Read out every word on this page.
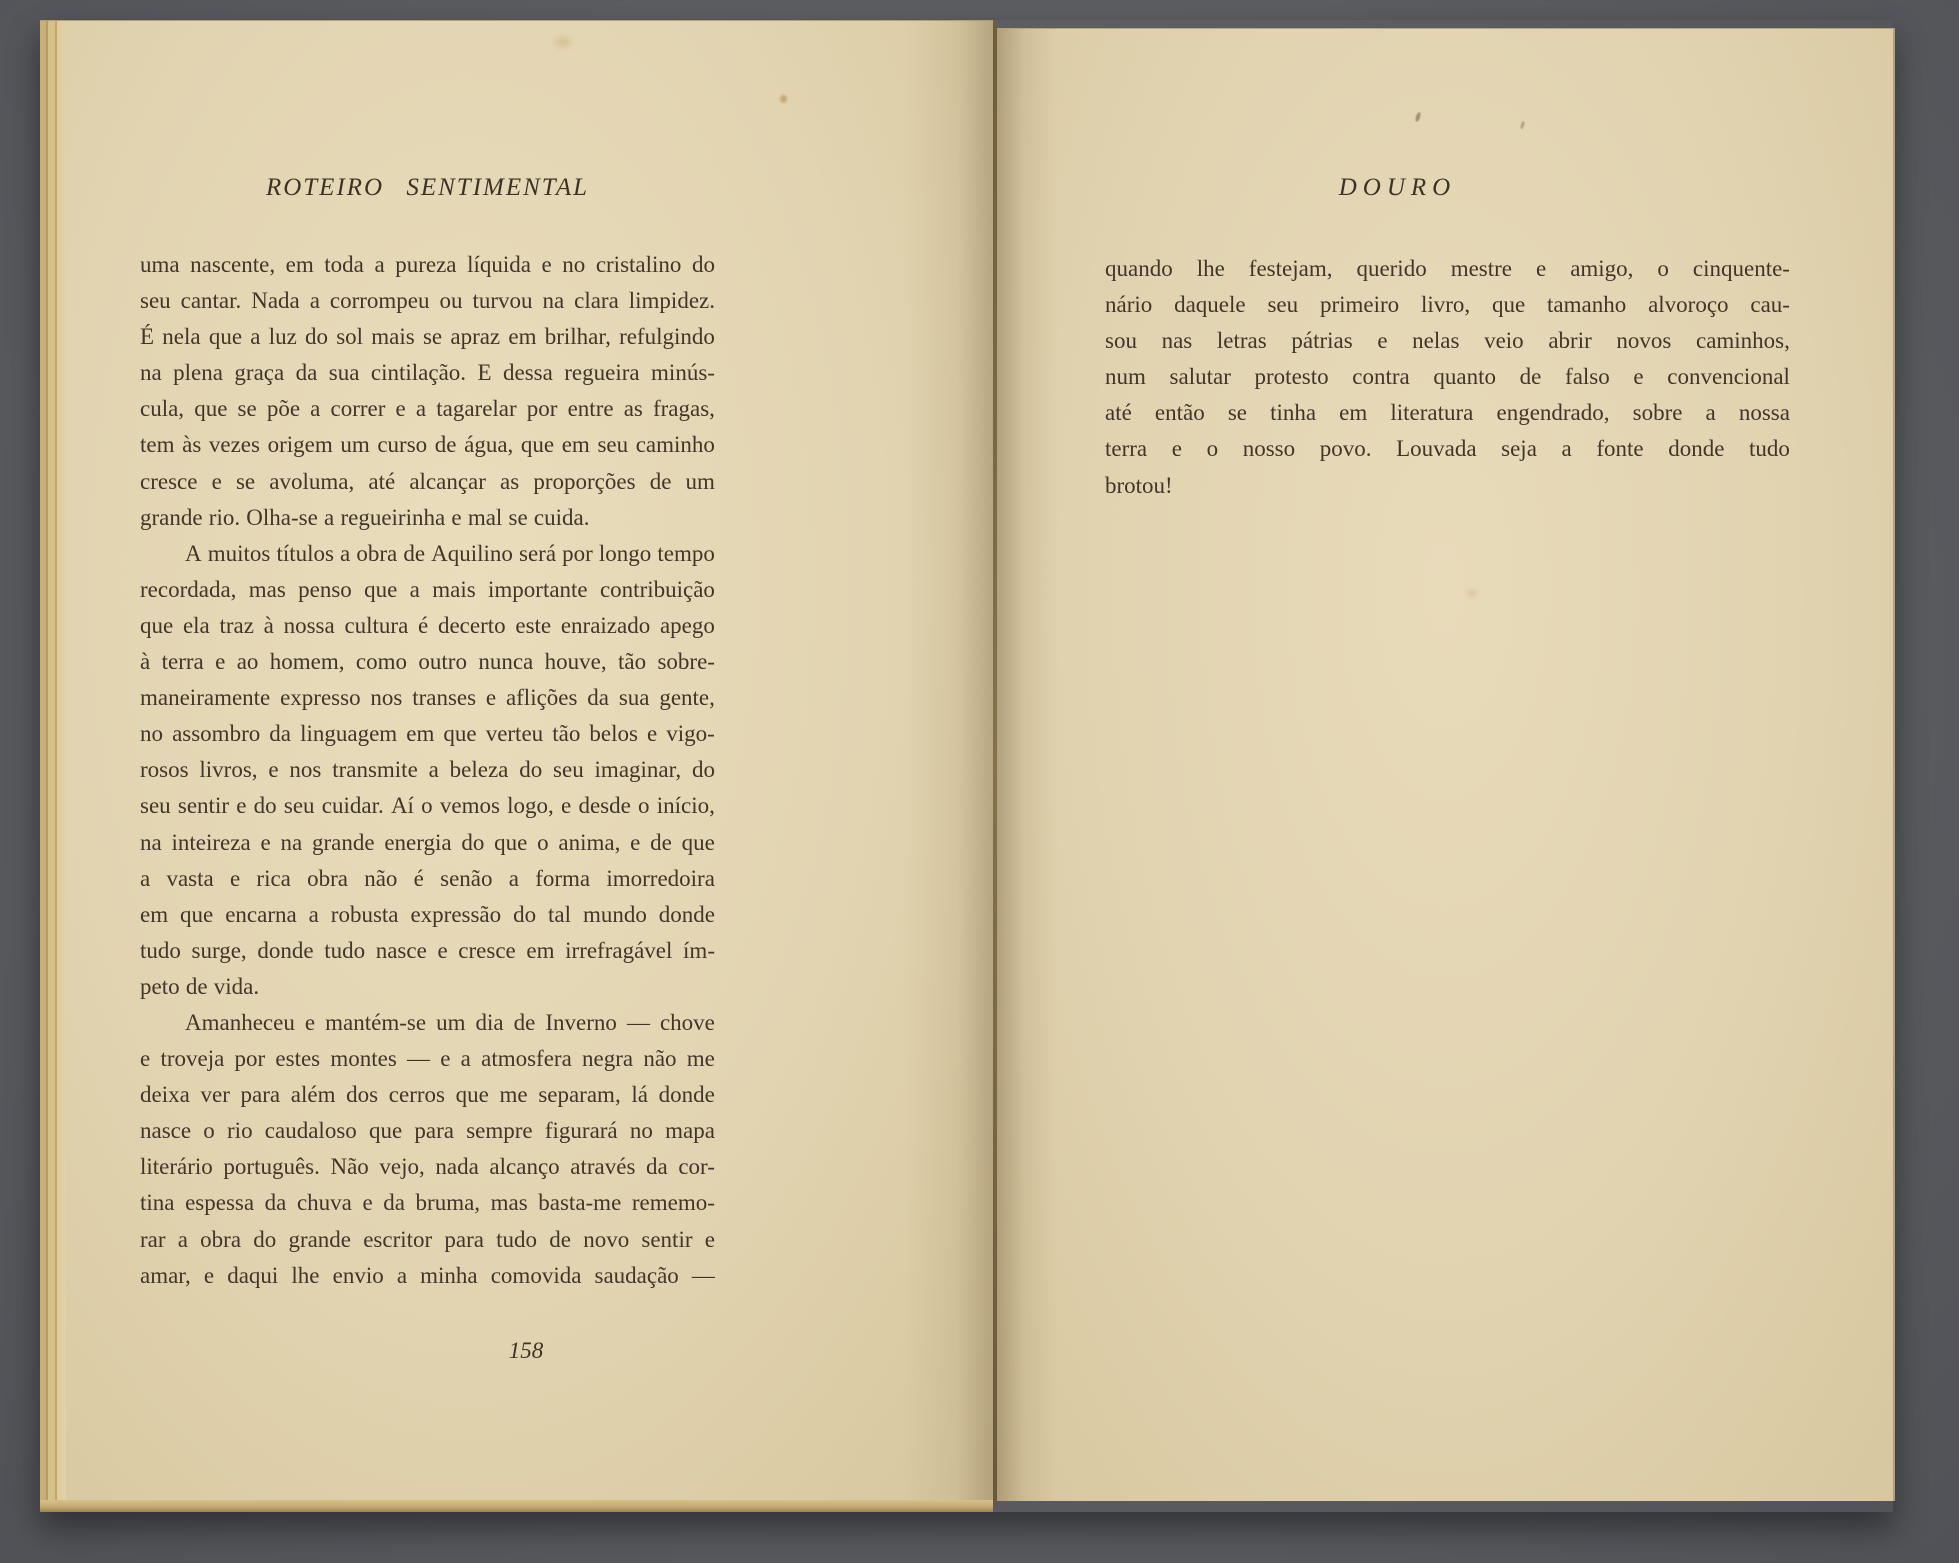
ROTEIRO SENTIMENTAL
uma nascente, em toda a pureza líquida e no cristalino do
seu cantar. Nada a corrompeu ou turvou na clara limpidez.
É nela que a luz do sol mais se apraz em brilhar, refulgindo
na plena graça da sua cintilação. E dessa regueira minús-
cula, que se põe a correr e a tagarelar por entre as fragas,
tem às vezes origem um curso de água, que em seu caminho
cresce e se avoluma, até alcançar as proporções de um
grande rio. Olha-se a regueirinha e mal se cuida.
A muitos títulos a obra de Aquilino será por longo tempo
recordada, mas penso que a mais importante contribuição
que ela traz à nossa cultura é decerto este enraizado apego
à terra e ao homem, como outro nunca houve, tão sobre-
maneiramente expresso nos transes e aflições da sua gente,
no assombro da linguagem em que verteu tão belos e vigo-
rosos livros, e nos transmite a beleza do seu imaginar, do
seu sentir e do seu cuidar. Aí o vemos logo, e desde o início,
na inteireza e na grande energia do que o anima, e de que
a vasta e rica obra não é senão a forma imorredoira
em que encarna a robusta expressão do tal mundo donde
tudo surge, donde tudo nasce e cresce em irrefragável ím-
peto de vida.
Amanheceu e mantém-se um dia de Inverno — chove
e troveja por estes montes — e a atmosfera negra não me
deixa ver para além dos cerros que me separam, lá donde
nasce o rio caudaloso que para sempre figurará no mapa
literário português. Não vejo, nada alcanço através da cor-
tina espessa da chuva e da bruma, mas basta-me rememo-
rar a obra do grande escritor para tudo de novo sentir e
amar, e daqui lhe envio a minha comovida saudação —
158
DOURO
quando lhe festejam, querido mestre e amigo, o cinquente-
nário daquele seu primeiro livro, que tamanho alvoroço cau-
sou nas letras pátrias e nelas veio abrir novos caminhos,
num salutar protesto contra quanto de falso e convencional
até então se tinha em literatura engendrado, sobre a nossa
terra e o nosso povo. Louvada seja a fonte donde tudo
brotou!
